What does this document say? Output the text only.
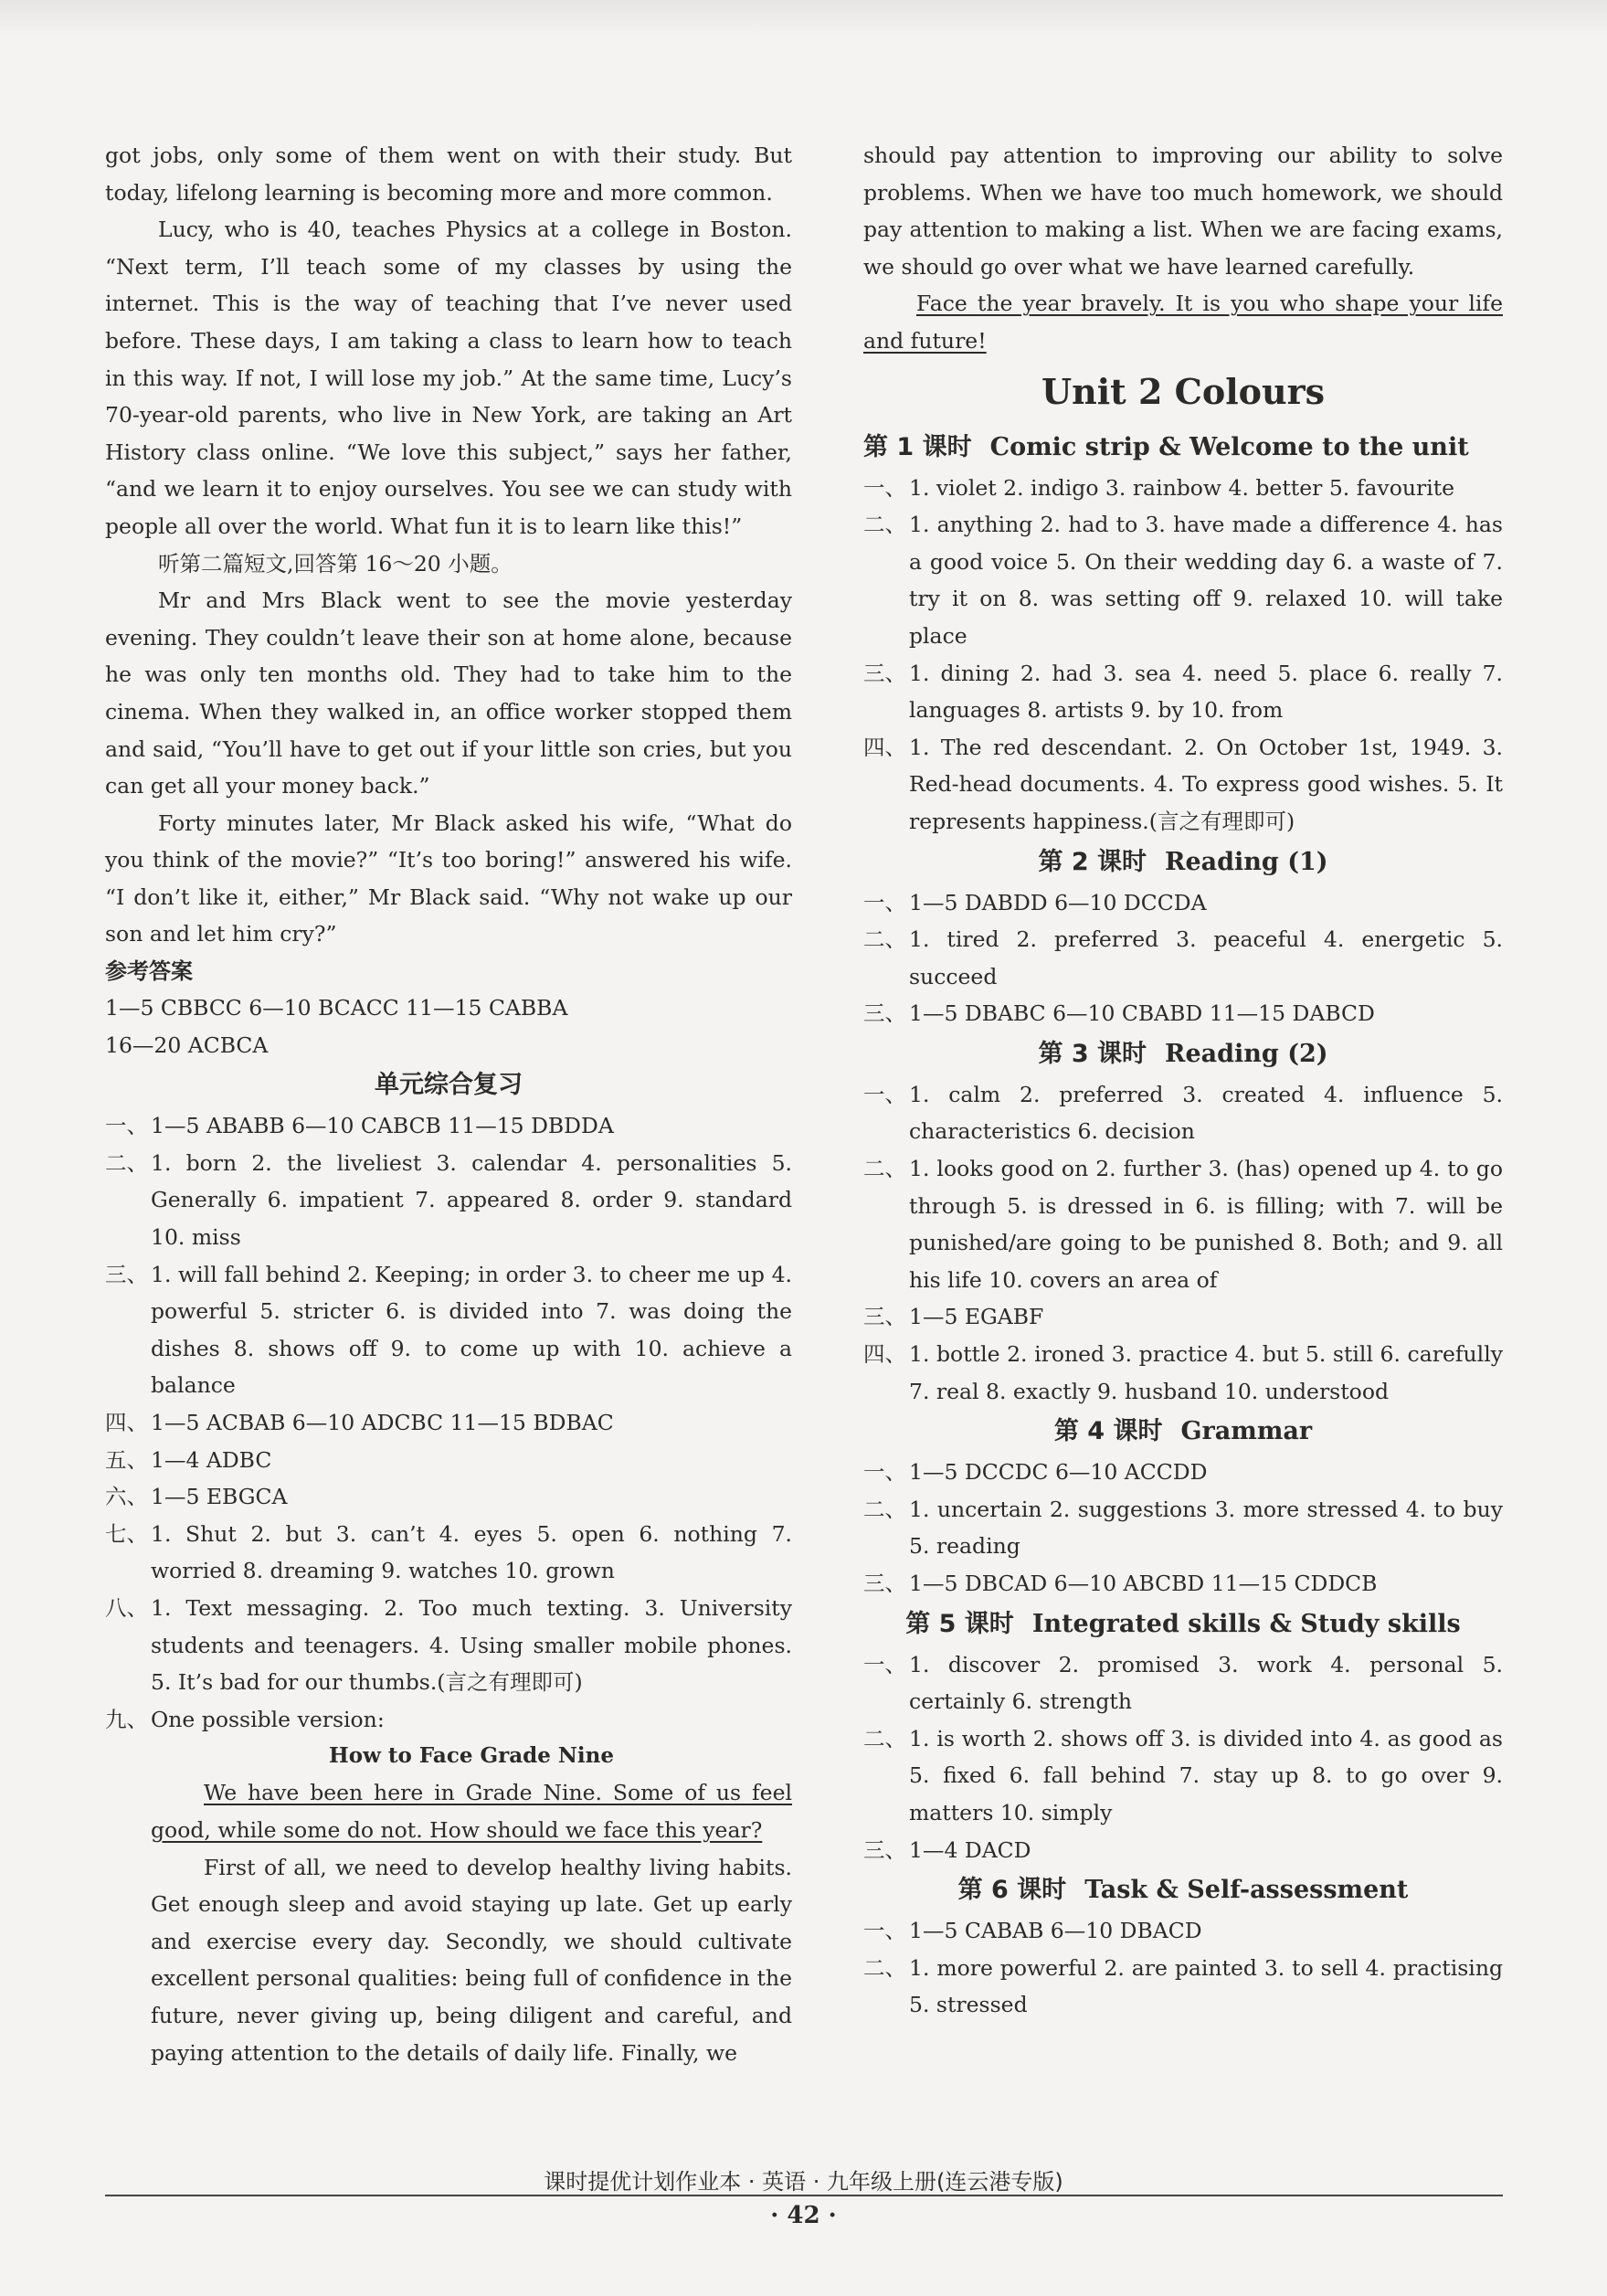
got jobs, only some of them went on with their study. But today, lifelong learning is becoming more and more common.

Lucy, who is 40, teaches Physics at a college in Boston. “Next term, I’ll teach some of my classes by using the internet. This is the way of teaching that I’ve never used before. These days, I am taking a class to learn how to teach in this way. If not, I will lose my job.” At the same time, Lucy’s 70-year-old parents, who live in New York, are taking an Art History class online. “We love this subject,” says her father, “and we learn it to enjoy ourselves. You see we can study with people all over the world. What fun it is to learn like this!”

听第二篇短文,回答第 16～20 小题。

Mr and Mrs Black went to see the movie yesterday evening. They couldn’t leave their son at home alone, because he was only ten months old. They had to take him to the cinema. When they walked in, an office worker stopped them and said, “You’ll have to get out if your little son cries, but you can get all your money back.”

Forty minutes later, Mr Black asked his wife, “What do you think of the movie?” “It’s too boring!” answered his wife. “I don’t like it, either,” Mr Black said. “Why not wake up our son and let him cry?”

参考答案

1—5 CBBCC 6—10 BCACC 11—15 CABBA

16—20 ACBCA

单元综合复习

一、 1—5 ABABB 6—10 CABCB 11—15 DBDDA

二、 1. born 2. the liveliest 3. calendar 4. personalities 5. Generally 6. impatient 7. appeared 8. order 9. standard 10. miss

三、 1. will fall behind 2. Keeping; in order 3. to cheer me up 4. powerful 5. stricter 6. is divided into 7. was doing the dishes 8. shows off 9. to come up with 10. achieve a balance

四、 1—5 ACBAB 6—10 ADCBC 11—15 BDBAC

五、 1—4 ADBC

六、 1—5 EBGCA

七、 1. Shut 2. but 3. can’t 4. eyes 5. open 6. nothing 7. worried 8. dreaming 9. watches 10. grown

八、 1. Text messaging. 2. Too much texting. 3. University students and teenagers. 4. Using smaller mobile phones. 5. It’s bad for our thumbs.(言之有理即可)

九、 One possible version:

How to Face Grade Nine

We have been here in Grade Nine. Some of us feel good, while some do not. How should we face this year?

First of all, we need to develop healthy living habits. Get enough sleep and avoid staying up late. Get up early and exercise every day. Secondly, we should cultivate excellent personal qualities: being full of confidence in the future, never giving up, being diligent and careful, and paying attention to the details of daily life. Finally, we

should pay attention to improving our ability to solve problems. When we have too much homework, we should pay attention to making a list. When we are facing exams, we should go over what we have learned carefully.

Face the year bravely. It is you who shape your life and future!

Unit 2 Colours
第 1 课时 Comic strip & Welcome to the unit

一、 1. violet 2. indigo 3. rainbow 4. better 5. favourite

二、 1. anything 2. had to 3. have made a difference 4. has a good voice 5. On their wedding day 6. a waste of 7. try it on 8. was setting off 9. relaxed 10. will take place

三、 1. dining 2. had 3. sea 4. need 5. place 6. really 7. languages 8. artists 9. by 10. from

四、 1. The red descendant. 2. On October 1st, 1949. 3. Red-head documents. 4. To express good wishes. 5. It represents happiness.(言之有理即可)

第 2 课时 Reading (1)

一、 1—5 DABDD 6—10 DCCDA

二、 1. tired 2. preferred 3. peaceful 4. energetic 5. succeed

三、 1—5 DBABC 6—10 CBABD 11—15 DABCD

第 3 课时 Reading (2)

一、 1. calm 2. preferred 3. created 4. influence 5. characteristics 6. decision

二、 1. looks good on 2. further 3. (has) opened up 4. to go through 5. is dressed in 6. is filling; with 7. will be punished/are going to be punished 8. Both; and 9. all his life 10. covers an area of

三、 1—5 EGABF

四、 1. bottle 2. ironed 3. practice 4. but 5. still 6. carefully 7. real 8. exactly 9. husband 10. understood

第 4 课时 Grammar

一、 1—5 DCCDC 6—10 ACCDD

二、 1. uncertain 2. suggestions 3. more stressed 4. to buy 5. reading

三、 1—5 DBCAD 6—10 ABCBD 11—15 CDDCB

第 5 课时 Integrated skills & Study skills

一、 1. discover 2. promised 3. work 4. personal 5. certainly 6. strength

二、 1. is worth 2. shows off 3. is divided into 4. as good as 5. fixed 6. fall behind 7. stay up 8. to go over 9. matters 10. simply

三、 1—4 DACD

第 6 课时 Task & Self-assessment

一、 1—5 CABAB 6—10 DBACD

二、 1. more powerful 2. are painted 3. to sell 4. practising 5. stressed

课时提优计划作业本 · 英语 · 九年级上册(连云港专版)
· 42 ·
